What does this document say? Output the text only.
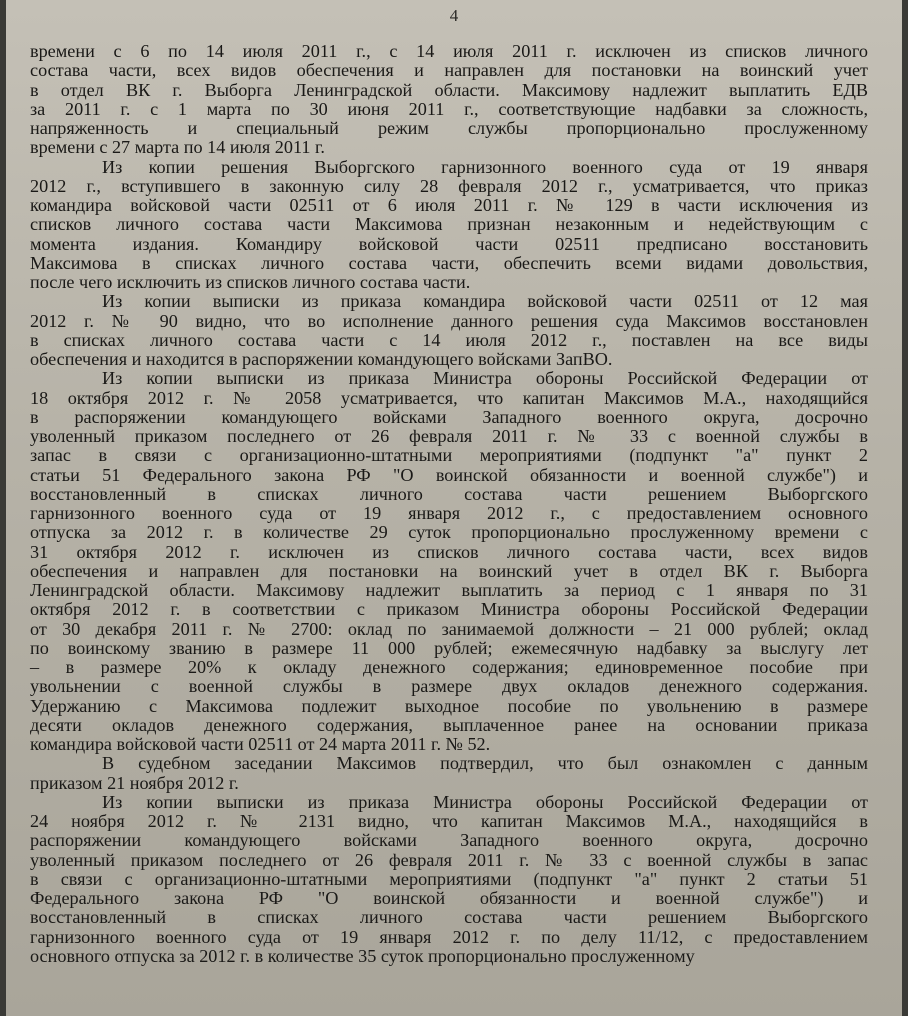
4
времени с 6 по 14 июля 2011 г., с 14 июля 2011 г. исключен из списков личного
состава части, всех видов обеспечения и направлен для постановки на воинский учет
в отдел ВК г. Выборга Ленинградской области. Максимову надлежит выплатить ЕДВ
за 2011 г. с 1 марта по 30 июня 2011 г., соответствующие надбавки за сложность,
напряженность и специальный режим службы пропорционально прослуженному
времени с 27 марта по 14 июля 2011 г.
Из копии решения Выборгского гарнизонного военного суда от 19 января
2012 г., вступившего в законную силу 28 февраля 2012 г., усматривается, что приказ
командира войсковой части 02511 от 6 июля 2011 г. № 129 в части исключения из
списков личного состава части Максимова признан незаконным и недействующим с
момента издания. Командиру войсковой части 02511 предписано восстановить
Максимова в списках личного состава части, обеспечить всеми видами довольствия,
после чего исключить из списков личного состава части.
Из копии выписки из приказа командира войсковой части 02511 от 12 мая
2012 г. № 90 видно, что во исполнение данного решения суда Максимов восстановлен
в списках личного состава части с 14 июля 2012 г., поставлен на все виды
обеспечения и находится в распоряжении командующего войсками ЗапВО.
Из копии выписки из приказа Министра обороны Российской Федерации от
18 октября 2012 г. № 2058 усматривается, что капитан Максимов М.А., находящийся
в распоряжении командующего войсками Западного военного округа, досрочно
уволенный приказом последнего от 26 февраля 2011 г. № 33 с военной службы в
запас в связи с организационно-штатными мероприятиями (подпункт "а" пункт 2
статьи 51 Федерального закона РФ "О воинской обязанности и военной службе") и
восстановленный в списках личного состава части решением Выборгского
гарнизонного военного суда от 19 января 2012 г., с предоставлением основного
отпуска за 2012 г. в количестве 29 суток пропорционально прослуженному времени с
31 октября 2012 г. исключен из списков личного состава части, всех видов
обеспечения и направлен для постановки на воинский учет в отдел ВК г. Выборга
Ленинградской области. Максимову надлежит выплатить за период с 1 января по 31
октября 2012 г. в соответствии с приказом Министра обороны Российской Федерации
от 30 декабря 2011 г. № 2700: оклад по занимаемой должности – 21 000 рублей; оклад
по воинскому званию в размере 11 000 рублей; ежемесячную надбавку за выслугу лет
– в размере 20% к окладу денежного содержания; единовременное пособие при
увольнении с военной службы в размере двух окладов денежного содержания.
Удержанию с Максимова подлежит выходное пособие по увольнению в размере
десяти окладов денежного содержания, выплаченное ранее на основании приказа
командира войсковой части 02511 от 24 марта 2011 г. № 52.
В судебном заседании Максимов подтвердил, что был ознакомлен с данным
приказом 21 ноября 2012 г.
Из копии выписки из приказа Министра обороны Российской Федерации от
24 ноября 2012 г. № 2131 видно, что капитан Максимов М.А., находящийся в
распоряжении командующего войсками Западного военного округа, досрочно
уволенный приказом последнего от 26 февраля 2011 г. № 33 с военной службы в запас
в связи с организационно-штатными мероприятиями (подпункт "а" пункт 2 статьи 51
Федерального закона РФ "О воинской обязанности и военной службе") и
восстановленный в списках личного состава части решением Выборгского
гарнизонного военного суда от 19 января 2012 г. по делу 11/12, с предоставлением
основного отпуска за 2012 г. в количестве 35 суток пропорционально прослуженному
